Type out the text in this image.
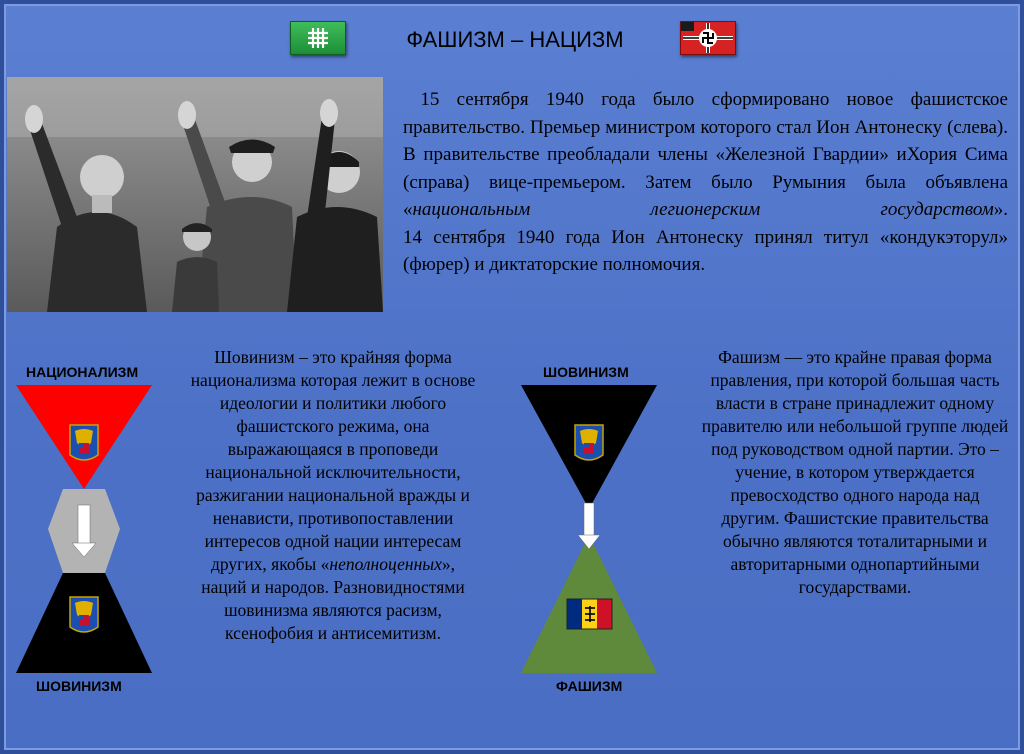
ФАШИЗМ – НАЦИЗМ

15 сентября 1940 года было сформировано новое фашистское правительство. Премьер министром которого стал Ион Антонеску (слева). В правительстве преобладали члены «Железной Гвардии» иХория Сима (справа) вице-премьером. Затем было Румыния была объявлена «национальным легионерским государством».

14 сентября 1940 года Ион Антонеску принял титул «кондукэторул» (фюрер) и диктаторские полномочия.

НАЦИОНАЛИЗМ
ШОВИНИЗМ
Шовинизм – это крайняя форма национализма которая лежит в основе идеологии и политики любого фашистского режима, она выражающаяся в проповеди национальной исключительности, разжигании национальной вражды и ненависти, противопоставлении интересов одной нации интересам других, якобы «неполноценных», наций и народов. Разновидностями шовинизма являются расизм, ксенофобия и антисемитизм.
ШОВИНИЗМ
ФАШИЗМ
Фашизм — это крайне правая форма правления, при которой большая часть власти в стране принадлежит одному правителю или небольшой группе людей под руководством одной партии. Это – учение, в котором утверждается превосходство одного народа над другим. Фашистские правительства обычно являются тоталитарными и авторитарными однопартийными государствами.
